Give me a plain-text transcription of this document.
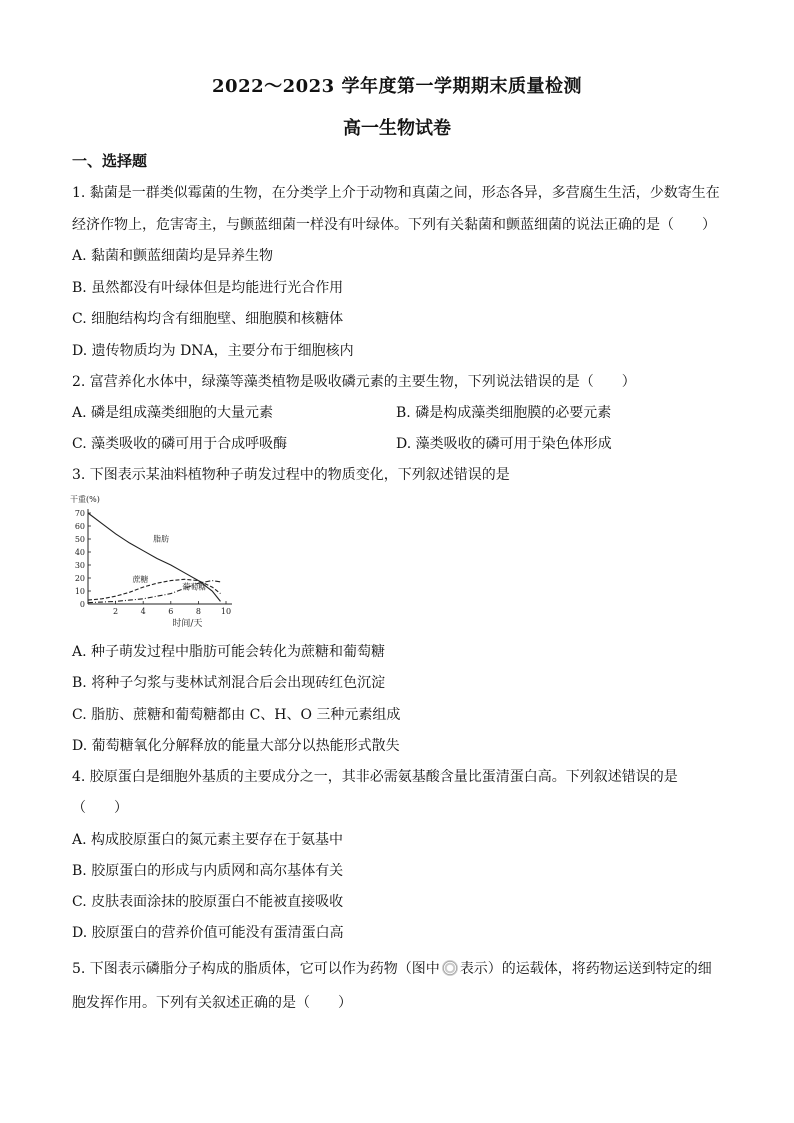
2022～2023 学年度第一学期期末质量检测
高一生物试卷
一、选择题
1. 黏菌是一群类似霉菌的生物，在分类学上介于动物和真菌之间，形态各异，多营腐生生活，少数寄生在
经济作物上，危害寄主，与颤蓝细菌一样没有叶绿体。下列有关黏菌和颤蓝细菌的说法正确的是（　　）
A. 黏菌和颤蓝细菌均是异养生物
B. 虽然都没有叶绿体但是均能进行光合作用
C. 细胞结构均含有细胞壁、细胞膜和核糖体
D. 遗传物质均为 DNA，主要分布于细胞核内
2. 富营养化水体中，绿藻等藻类植物是吸收磷元素的主要生物，下列说法错误的是（　　）
A. 磷是组成藻类细胞的大量元素	B. 磷是构成藻类细胞膜的必要元素
C. 藻类吸收的磷可用于合成呼吸酶	D. 藻类吸收的磷可用于染色体形成
3. 下图表示某油料植物种子萌发过程中的物质变化，下列叙述错误的是
0
10
20
30
40
50
60
70
2	4	6	8 10
干重(%)
时间/天
脂肪
蔗糖
葡萄糖
A. 种子萌发过程中脂肪可能会转化为蔗糖和葡萄糖
B. 将种子匀浆与斐林试剂混合后会出现砖红色沉淀
C. 脂肪、蔗糖和葡萄糖都由 C、H、O 三种元素组成
D. 葡萄糖氧化分解释放的能量大部分以热能形式散失
4. 胶原蛋白是细胞外基质的主要成分之一，其非必需氨基酸含量比蛋清蛋白高。下列叙述错误的是
（　　）
A. 构成胶原蛋白的氮元素主要存在于氨基中
B. 胶原蛋白的形成与内质网和高尔基体有关
C. 皮肤表面涂抹的胶原蛋白不能被直接吸收
D. 胶原蛋白的营养价值可能没有蛋清蛋白高
5. 下图表示磷脂分子构成的脂质体，它可以作为药物（图中 表示）的运载体，将药物运送到特定的细
胞发挥作用。下列有关叙述正确的是（　　）
